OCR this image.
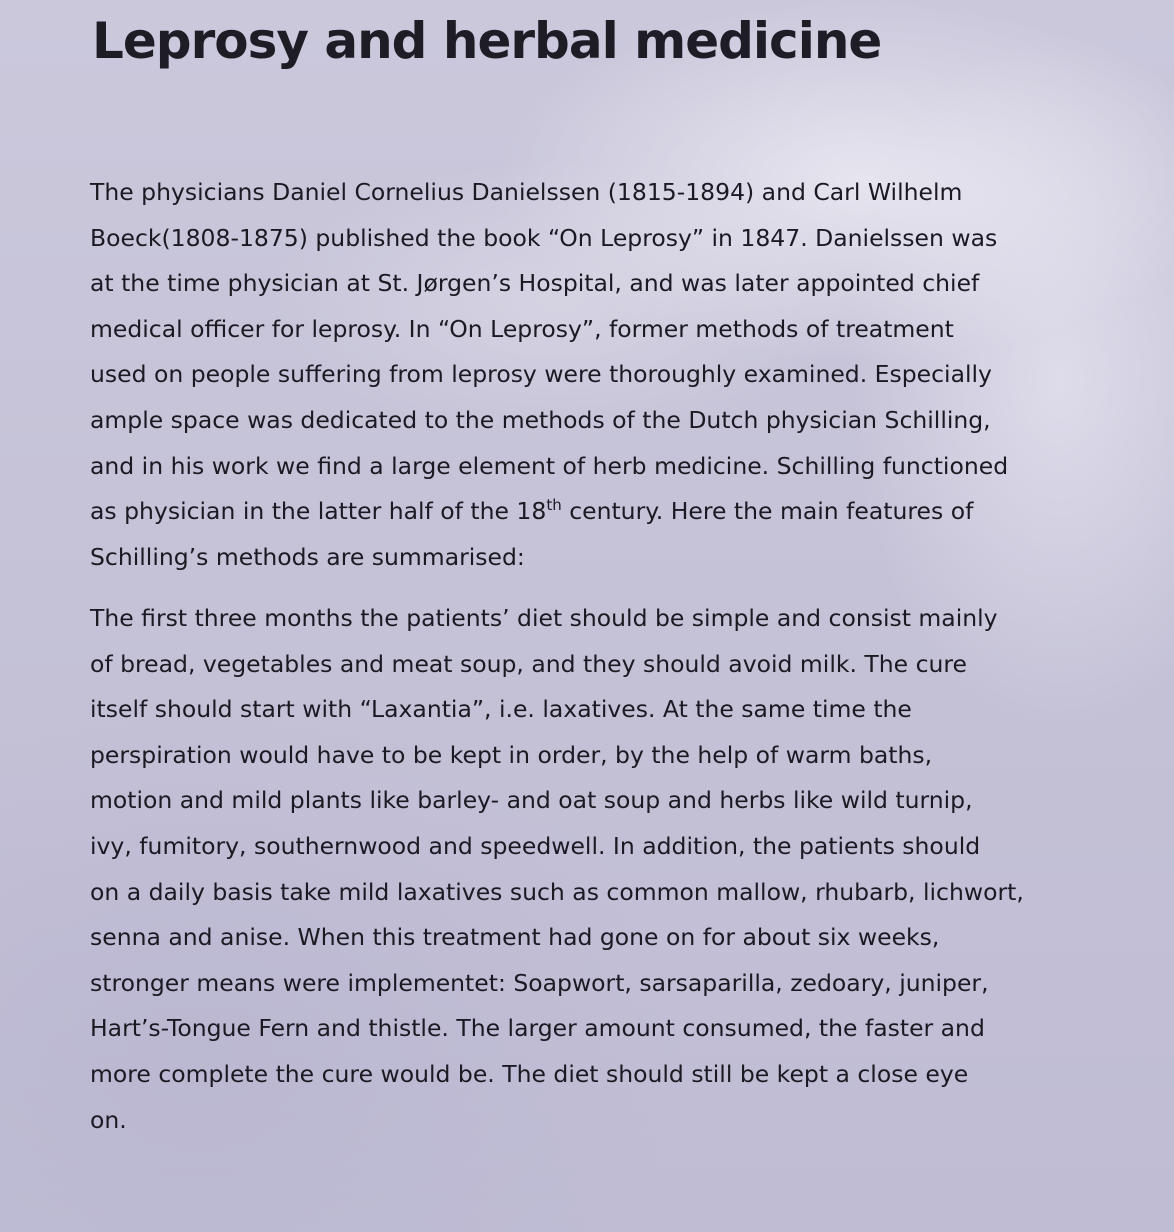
Leprosy and herbal medicine

The physicians Daniel Cornelius Danielssen (1815-1894) and Carl Wilhelm
Boeck(1808-1875) published the book “On Leprosy” in 1847. Danielssen was
at the time physician at St. Jørgen’s Hospital, and was later appointed chief
medical officer for leprosy. In “On Leprosy”, former methods of treatment
used on people suffering from leprosy were thoroughly examined. Especially
ample space was dedicated to the methods of the Dutch physician Schilling,
and in his work we find a large element of herb medicine. Schilling functioned
as physician in the latter half of the 18th century. Here the main features of
Schilling’s methods are summarised:

The first three months the patients’ diet should be simple and consist mainly
of bread, vegetables and meat soup, and they should avoid milk. The cure
itself should start with “Laxantia”, i.e. laxatives. At the same time the
perspiration would have to be kept in order, by the help of warm baths,
motion and mild plants like barley- and oat soup and herbs like wild turnip,
ivy, fumitory, southernwood and speedwell. In addition, the patients should
on a daily basis take mild laxatives such as common mallow, rhubarb, lichwort,
senna and anise. When this treatment had gone on for about six weeks,
stronger means were implementet: Soapwort, sarsaparilla, zedoary, juniper,
Hart’s-Tongue Fern and thistle. The larger amount consumed, the faster and
more complete the cure would be. The diet should still be kept a close eye
on.
